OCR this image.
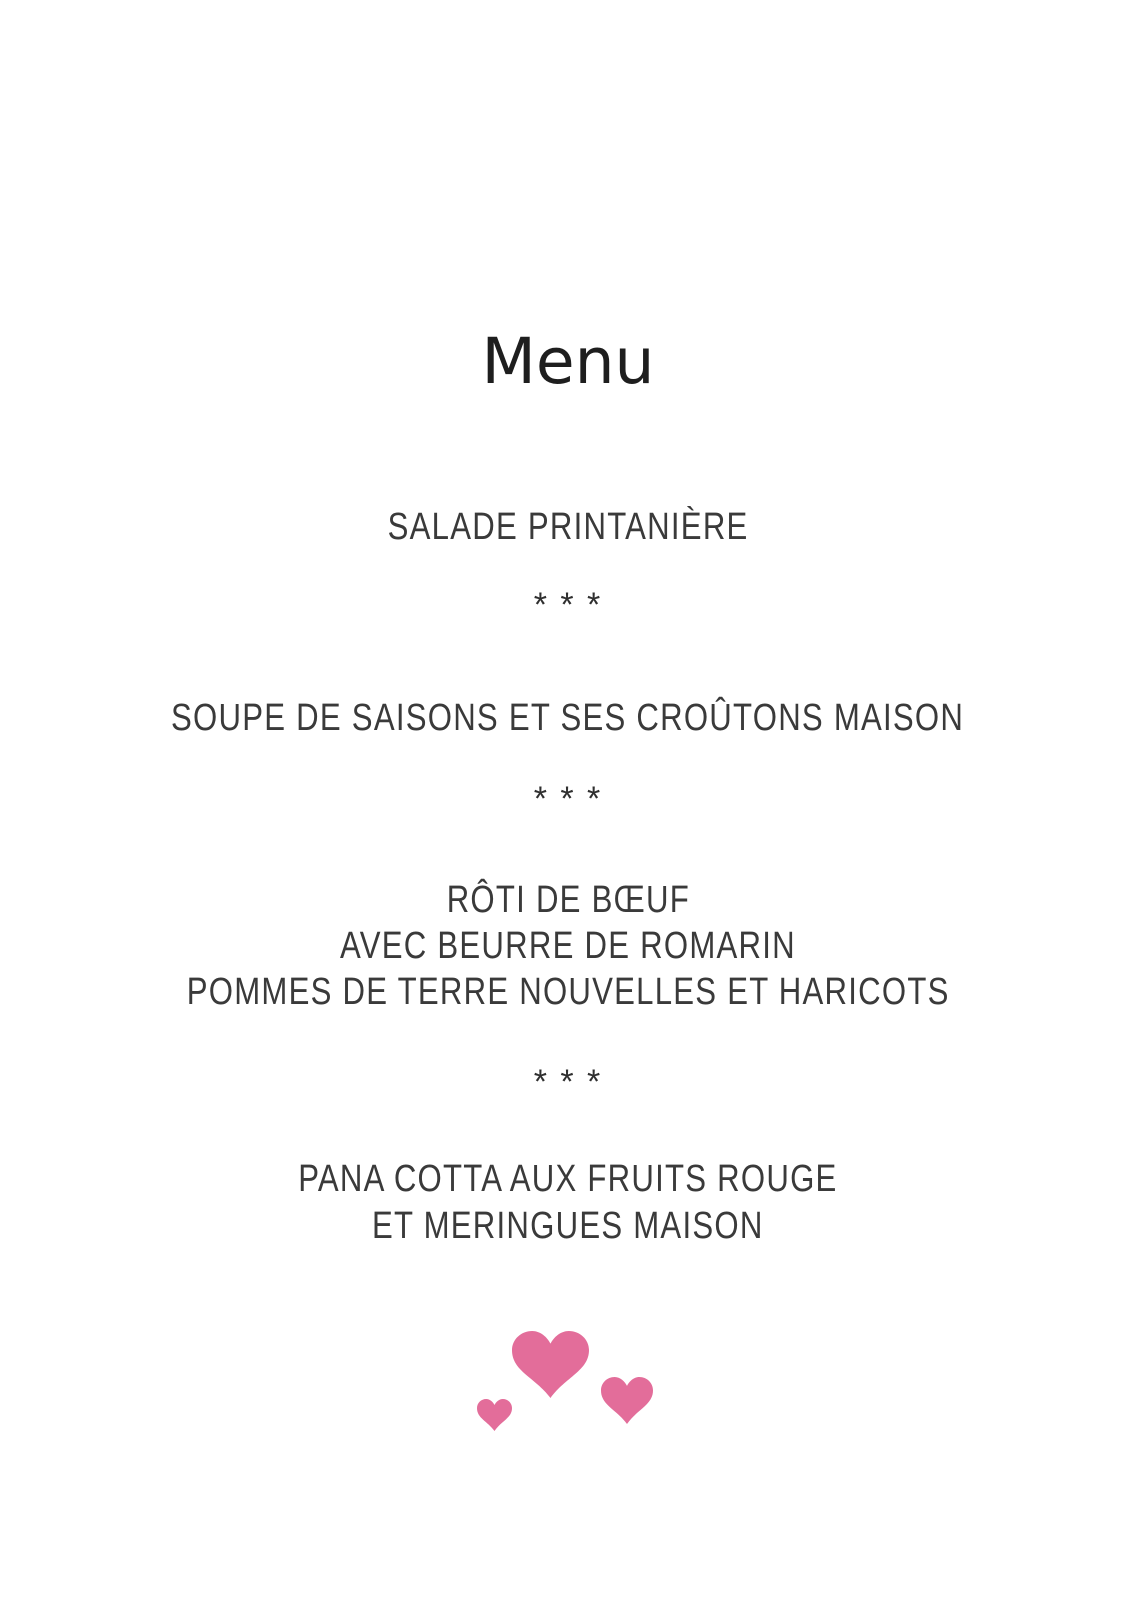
Menu
SALADE PRINTANIÈRE
* * *
SOUPE DE SAISONS ET SES CROÛTONS MAISON
* * *
RÔTI DE BŒUF
AVEC BEURRE DE ROMARIN
POMMES DE TERRE NOUVELLES ET HARICOTS
* * *
PANA COTTA AUX FRUITS ROUGE
ET MERINGUES MAISON
